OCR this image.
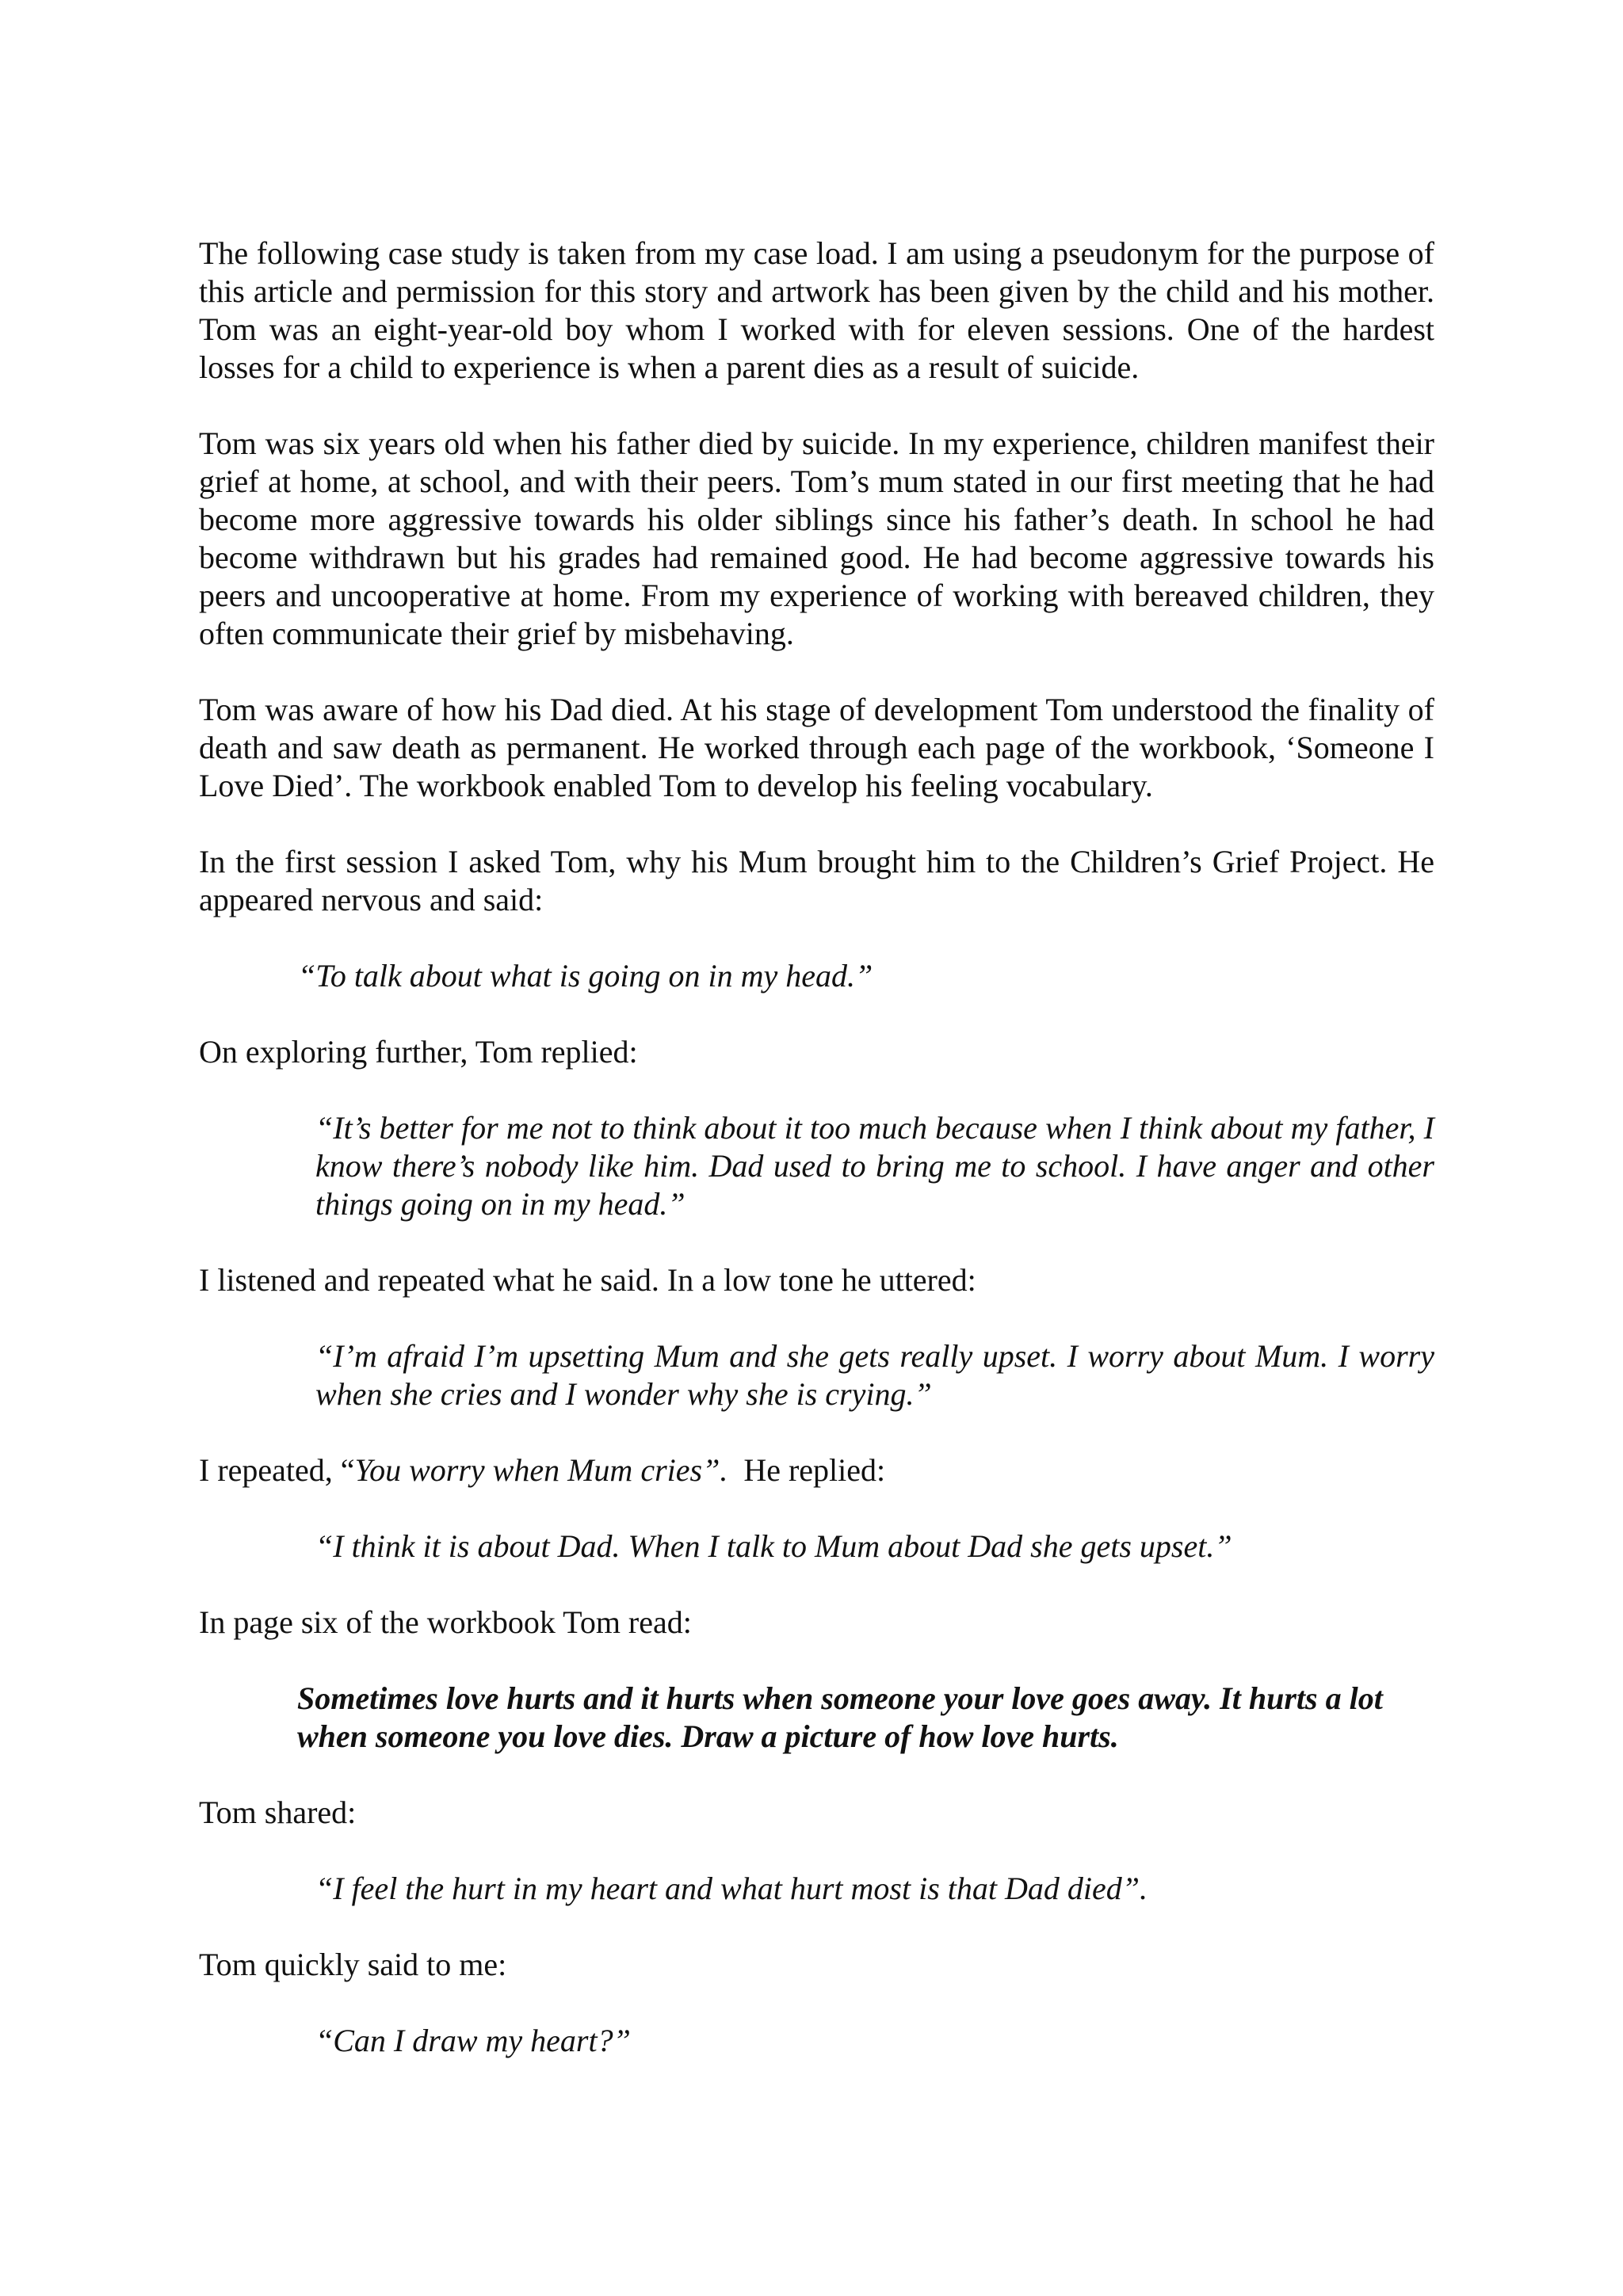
The following case study is taken from my case load. I am using a pseudonym for the purpose of this article and permission for this story and artwork has been given by the child and his mother. Tom was an eight-year-old boy whom I worked with for eleven sessions. One of the hardest losses for a child to experience is when a parent dies as a result of suicide.

Tom was six years old when his father died by suicide. In my experience, children manifest their grief at home, at school, and with their peers. Tom’s mum stated in our first meeting that he had become more aggressive towards his older siblings since his father’s death. In school he had become withdrawn but his grades had remained good. He had become aggressive towards his peers and uncooperative at home. From my experience of working with bereaved children, they often communicate their grief by misbehaving.

Tom was aware of how his Dad died. At his stage of development Tom understood the finality of death and saw death as permanent. He worked through each page of the workbook, ‘Someone I Love Died’. The workbook enabled Tom to develop his feeling vocabulary.

In the first session I asked Tom, why his Mum brought him to the Children’s Grief Project. He appeared nervous and said:

“To talk about what is going on in my head.”

On exploring further, Tom replied:

“It’s better for me not to think about it too much because when I think about my father, I know there’s nobody like him. Dad used to bring me to school. I have anger and other things going on in my head.”

I listened and repeated what he said. In a low tone he uttered:

“I’m afraid I’m upsetting Mum and she gets really upset. I worry about Mum. I worry when she cries and I wonder why she is crying.”

I repeated, “You worry when Mum cries”.  He replied:

“I think it is about Dad. When I talk to Mum about Dad she gets upset.”

In page six of the workbook Tom read:

Sometimes love hurts and it hurts when someone your love goes away. It hurts a lot when someone you love dies. Draw a picture of how love hurts.

Tom shared:

“I feel the hurt in my heart and what hurt most is that Dad died”.

Tom quickly said to me:

“Can I draw my heart?”
